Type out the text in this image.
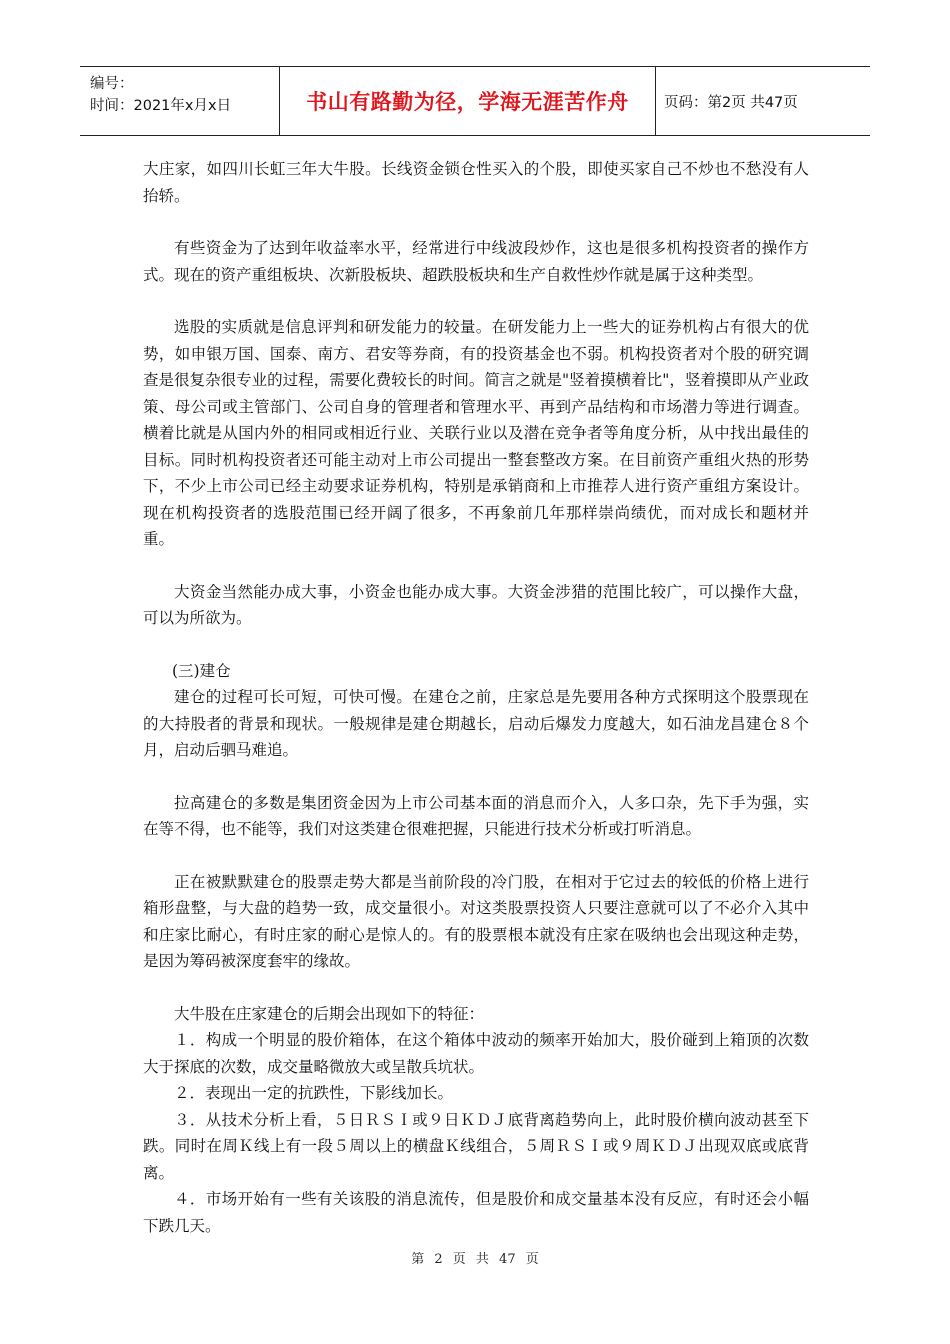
编号：
时间：2021年x月x日	书山有路勤为径，学海无涯苦作舟	页码：第2页 共47页

大庄家，如四川长虹三年大牛股。长线资金锁仓性买入的个股，即使买家自己不炒也不愁没有人抬轿。

有些资金为了达到年收益率水平，经常进行中线波段炒作，这也是很多机构投资者的操作方式。现在的资产重组板块、次新股板块、超跌股板块和生产自救性炒作就是属于这种类型。

选股的实质就是信息评判和研发能力的较量。在研发能力上一些大的证券机构占有很大的优势，如申银万国、国泰、南方、君安等券商，有的投资基金也不弱。机构投资者对个股的研究调查是很复杂很专业的过程，需要化费较长的时间。简言之就是"竖着摸横着比"，竖着摸即从产业政策、母公司或主管部门、公司自身的管理者和管理水平、再到产品结构和市场潜力等进行调查。横着比就是从国内外的相同或相近行业、关联行业以及潜在竞争者等角度分析，从中找出最佳的目标。同时机构投资者还可能主动对上市公司提出一整套整改方案。在目前资产重组火热的形势下，不少上市公司已经主动要求证券机构，特别是承销商和上市推荐人进行资产重组方案设计。现在机构投资者的选股范围已经开阔了很多，不再象前几年那样崇尚绩优，而对成长和题材并重。

大资金当然能办成大事，小资金也能办成大事。大资金涉猎的范围比较广，可以操作大盘，可以为所欲为。

(三)建仓

建仓的过程可长可短，可快可慢。在建仓之前，庄家总是先要用各种方式探明这个股票现在的大持股者的背景和现状。一般规律是建仓期越长，启动后爆发力度越大，如石油龙昌建仓８个月，启动后驷马难追。

拉高建仓的多数是集团资金因为上市公司基本面的消息而介入，人多口杂，先下手为强，实在等不得，也不能等，我们对这类建仓很难把握，只能进行技术分析或打听消息。

正在被默默建仓的股票走势大都是当前阶段的冷门股，在相对于它过去的较低的价格上进行箱形盘整，与大盘的趋势一致，成交量很小。对这类股票投资人只要注意就可以了不必介入其中和庄家比耐心，有时庄家的耐心是惊人的。有的股票根本就没有庄家在吸纳也会出现这种走势，是因为筹码被深度套牢的缘故。

大牛股在庄家建仓的后期会出现如下的特征：

１．构成一个明显的股价箱体，在这个箱体中波动的频率开始加大，股价碰到上箱顶的次数大于探底的次数，成交量略微放大或呈散兵坑状。

２．表现出一定的抗跌性，下影线加长。

３．从技术分析上看，５日ＲＳＩ或９日ＫＤＪ底背离趋势向上，此时股价横向波动甚至下跌。同时在周Ｋ线上有一段５周以上的横盘Ｋ线组合，５周ＲＳＩ或９周ＫＤＪ出现双底或底背离。

４．市场开始有一些有关该股的消息流传，但是股价和成交量基本没有反应，有时还会小幅下跌几天。

第 2 页 共 47 页
